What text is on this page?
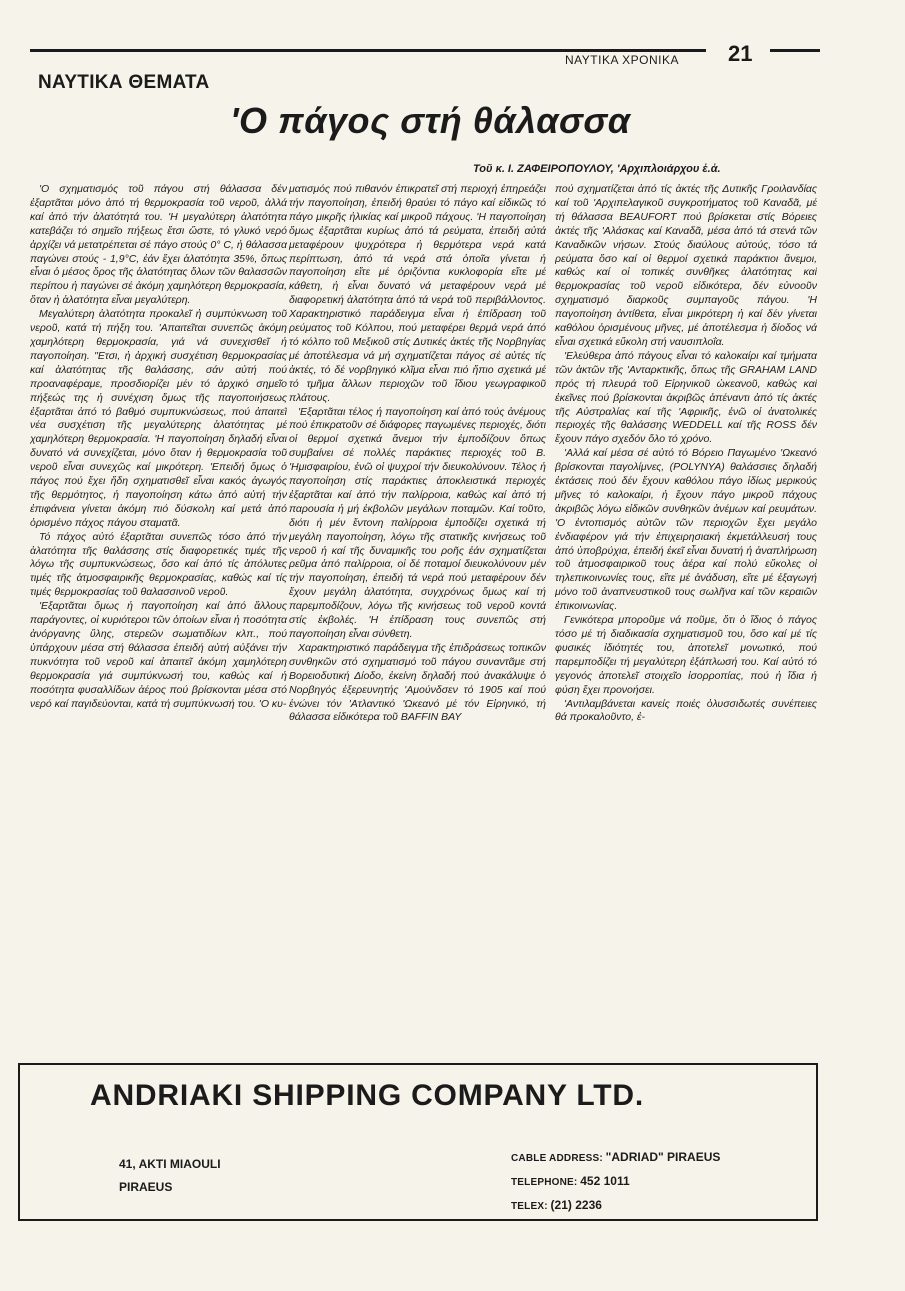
ΝΑΥΤΙΚΑ ΧΡΟΝΙΚΑ 21
ΝΑΥΤΙΚΑ ΘΕΜΑΤΑ
'Ο πάγος στή θάλασσα
Τοῦ κ. Ι. ΖΑΦΕΙΡΟΠΟΥΛΟΥ, 'Αρχιπλοιάρχου ἐ.ἀ.

'Ο σχηματισμός τοῦ πάγου στή θάλασσα δέν ἐξαρτᾶται μόνο ἀπό τή θερμοκρασία τοῦ νεροῦ, ἀλλά καί ἀπό τήν ἁλατότητά του. 'Η μεγαλύτερη ἁλατότητα κατεβάζει τό σημεῖο πήξεως ἔτσι ὥστε, τό γλυκό νερό ἀρχίζει νά μετατρέπεται σέ πάγο στούς 0° C, ἡ θάλασσα παγώνει στούς - 1,9°C, ἐάν ἔχει ἁλατότητα 35%, ὅπως εἶναι ὁ μέσος ὅρος τῆς ἁλατότητας ὅλων τῶν θαλασσῶν περίπου ἡ παγώνει σέ ἀκόμη χαμηλότερη θερμοκρασία, ὅταν ἡ ἁλατότητα εἶναι μεγαλύτερη.

Μεγαλύτερη ἁλατότητα προκαλεῖ ἡ συμπύκνωση τοῦ νεροῦ, κατά τή πήξη του. 'Απαιτεῖται συνεπῶς ἀκόμη χαμηλότερη θερμοκρασία, γιά νά συνεχισθεῖ ἡ παγοποίηση. "Ετσι, ἡ ἀρχική συσχέτιση θερμοκρασίας καί ἁλατότητας τῆς θαλάσσης, σάν αὐτή πού προαναφέραμε, προσδιορίζει μέν τό ἀρχικό σημεῖο πήξεώς της ἡ συνέχιση ὅμως τῆς παγοποιήσεως ἐξαρτᾶται ἀπό τό βαθμό συμπυκνώσεως, πού ἀπαιτεῖ νέα συσχέτιση τῆς μεγαλύτερης ἁλατότητας μέ χαμηλότερη θερμοκρασία. 'Η παγοποίηση δηλαδή εἶναι δυνατό νά συνεχίζεται, μόνο ὅταν ἡ θερμοκρασία τοῦ νεροῦ εἶναι συνεχῶς καί μικρότερη. 'Επειδή ὅμως ὁ πάγος πού ἔχει ἤδη σχηματισθεῖ εἶναι κακός ἀγωγός τῆς θερμότητος, ἡ παγοποίηση κάτω ἀπό αὐτή τήν ἐπιφάνεια γίνεται ἀκόμη πιό δύσκολη καί μετά ἀπό ὁρισμένο πάχος πάγου σταματᾶ.

Τό πάχος αὐτό ἐξαρτᾶται συνεπῶς τόσο ἀπό τήν ἁλατότητα τῆς θαλάσσης στίς διαφορετικές τιμές τῆς λόγω τῆς συμπυκνώσεως, ὅσο καί ἀπό τίς ἀπόλυτες τιμές τῆς ἀτμοσφαιρικῆς θερμοκρασίας, καθώς καί τίς τιμές θερμοκρασίας τοῦ θαλασσινοῦ νεροῦ.

'Εξαρτᾶται ὅμως ἡ παγοποίηση καί ἀπό ἄλλους παράγοντες, οἱ κυριότεροι τῶν ὁποίων εἶναι ἡ ποσότητα ἀνόργανης ὕλης, στερεῶν σωματιδίων κλπ., πού ὑπάρχουν μέσα στή θάλασσα ἐπειδή αὐτή αὐξάνει τήν πυκνότητα τοῦ νεροῦ καί ἀπαιτεῖ ἀκόμη χαμηλότερη θερμοκρασία γιά συμπύκνωσή του, καθώς καί ἡ ποσότητα φυσαλλίδων ἀέρος πού βρίσκονται μέσα στό νερό καί παγιδεύονται, κατά τή συμπύκνωσή του. 'Ο κυ-

ματισμός πού πιθανόν ἐπικρατεῖ στή περιοχή ἐπηρεάζει τήν παγοποίηση, ἐπειδή θραύει τό πάγο καί εἰδικῶς τό πάγο μικρῆς ἡλικίας καί μικροῦ πάχους. 'Η παγοποίηση ὅμως ἐξαρτᾶται κυρίως ἀπό τά ρεύματα, ἐπειδή αὐτά μεταφέρουν ψυχρότερα ἡ θερμότερα νερά κατά περίπτωση, ἀπό τά νερά στά ὁποῖα γίνεται ἡ παγοποίηση εἴτε μέ ὁριζόντια κυκλοφορία εἴτε μέ κάθετη, ἡ εἶναι δυνατό νά μεταφέρουν νερά μέ διαφορετική ἁλατότητα ἀπό τά νερά τοῦ περιβάλλοντος. Χαρακτηριστικό παράδειγμα εἶναι ἡ ἐπίδραση τοῦ ρεύματος τοῦ Κόλπου, πού μεταφέρει θερμά νερά ἀπό τό κόλπο τοῦ Μεξικοῦ στίς Δυτικές ἀκτές τῆς Νορβηγίας μέ ἀποτέλεσμα νά μή σχηματίζεται πάγος σέ αὐτές τίς ἀκτές, τό δέ νορβηγικό κλῖμα εἶναι πιό ἤπιο σχετικά μέ τό τμῆμα ἄλλων περιοχῶν τοῦ ἴδιου γεωγραφικοῦ πλάτους.

'Εξαρτᾶται τέλος ἡ παγοποίηση καί ἀπό τούς ἀνέμους πού ἐπικρατοῦν σέ διάφορες παγωμένες περιοχές, διότι οἱ θερμοί σχετικά ἄνεμοι τήν ἐμποδίζουν ὅπως συμβαίνει σέ πολλές παράκτιες περιοχές τοῦ Β. 'Ημισφαιρίου, ἐνῶ οἱ ψυχροί τήν διευκολύνουν. Τέλος ἡ παγοποίηση στίς παράκτιες ἀποκλειστικά περιοχές ἐξαρτᾶται καί ἀπό τήν παλίρροια, καθώς καί ἀπό τή παρουσία ἡ μή ἐκβολῶν μεγάλων ποταμῶν. Καί τοῦτο, διότι ἡ μέν ἔντονη παλίρροια ἐμποδίζει σχετικά τή μεγάλη παγοποίηση, λόγω τῆς στατικῆς κινήσεως τοῦ νεροῦ ἡ καί τῆς δυναμικῆς του ροῆς ἐάν σχηματίζεται ρεῦμα ἀπό παλίρροια, οἱ δέ ποταμοί διευκολύνουν μέν τήν παγοποίηση, ἐπειδή τά νερά πού μεταφέρουν δέν ἔχουν μεγάλη ἁλατότητα, συγχρόνως ὅμως καί τή παρεμποδίζουν, λόγω τῆς κινήσεως τοῦ νεροῦ κοντά στίς ἐκβολές. 'Η ἐπίδραση τους συνεπῶς στή παγοποίηση εἶναι σύνθετη.

Χαρακτηριστικό παράδειγμα τῆς ἐπιδράσεως τοπικῶν συνθηκῶν στό σχηματισμό τοῦ πάγου συναντᾶμε στή Βορειοδυτική Δίοδο, ἐκείνη δηλαδή πού ἀνακάλυψε ὁ Νορβηγός ἐξερευνητής 'Αμούνδσεν τό 1905 καί πού ἑνώνει τόν 'Ατλαντικό 'Ωκεανό μέ τόν Εἰρηνικό, τή θάλασσα εἰδικότερα τοῦ BAFFIN BAY

πού σχηματίζεται ἀπό τίς ἀκτές τῆς Δυτικῆς Γροιλανδίας καί τοῦ 'Αρχιπελαγικοῦ συγκροτήματος τοῦ Καναδᾶ, μέ τή θάλασσα BEAUFORT πού βρίσκεται στίς Βόρειες ἀκτές τῆς 'Αλάσκας καί Καναδᾶ, μέσα ἀπό τά στενά τῶν Καναδικῶν νήσων. Στούς διαύλους αὐτούς, τόσο τά ρεύματα ὅσο καί οἱ θερμοί σχετικά παράκτιοι ἄνεμοι, καθώς καί οἱ τοπικές συνθῆκες ἁλατότητας καί θερμοκρασίας τοῦ νεροῦ εἰδικότερα, δέν εὐνοοῦν σχηματισμό διαρκοῦς συμπαγοῦς πάγου. 'Η παγοποίηση ἀντίθετα, εἶναι μικρότερη ἡ καί δέν γίνεται καθόλου ὁρισμένους μῆνες, μέ ἀποτέλεσμα ἡ δίοδος νά εἶναι σχετικά εὔκολη στή ναυσιπλοΐα.

'Ελεύθερα ἀπό πάγους εἶναι τό καλοκαίρι καί τμήματα τῶν ἀκτῶν τῆς 'Ανταρκτικῆς, ὅπως τῆς GRAHAM LAND πρός τή πλευρά τοῦ Εἰρηνικοῦ ὠκεανοῦ, καθώς καί ἐκεῖνες πού βρίσκονται ἀκριβῶς ἀπέναντι ἀπό τίς ἀκτές τῆς Αὐστραλίας καί τῆς 'Αφρικῆς, ἐνῶ οἱ ἀνατολικές περιοχές τῆς θαλάσσης WEDDELL καί τῆς ROSS δέν ἔχουν πάγο σχεδόν ὅλο τό χρόνο.

'Αλλά καί μέσα σέ αὐτό τό Βόρειο Παγωμένο 'Ωκεανό βρίσκονται παγολίμνες, (POLYNYA) θαλάσσιες δηλαδή ἐκτάσεις πού δέν ἔχουν καθόλου πάγο ἰδίως μερικούς μῆνες τό καλοκαίρι, ἡ ἔχουν πάγο μικροῦ πάχους ἀκριβῶς λόγω εἰδικῶν συνθηκῶν ἀνέμων καί ρευμάτων. 'Ο ἐντοπισμός αὐτῶν τῶν περιοχῶν ἔχει μεγάλο ἐνδιαφέρον γιά τήν ἐπιχειρησιακή ἐκμετάλλευσή τους ἀπό ὑποβρύχια, ἐπειδή ἐκεῖ εἶναι δυνατή ἡ ἀναπλήρωση τοῦ ἀτμοσφαιρικοῦ τους ἀέρα καί πολύ εὔκολες οἱ τηλεπικοινωνίες τους, εἴτε μέ ἀνάδυση, εἴτε μέ ἐξαγωγή μόνο τοῦ ἀναπνευστικοῦ τους σωλῆνα καί τῶν κεραιῶν ἐπικοινωνίας.

Γενικότερα μποροῦμε νά ποῦμε, ὅτι ὁ ἴδιος ὁ πάγος τόσο μέ τή διαδικασία σχηματισμοῦ του, ὅσο καί μέ τίς φυσικές ἰδιότητές του, ἀποτελεῖ μονωτικό, πού παρεμποδίζει τή μεγαλύτερη ἐξάπλωσή του. Καί αὐτό τό γεγονός ἀποτελεῖ στοιχεῖο ἰσορροπίας, πού ἡ ἴδια ἡ φύση ἔχει προνοήσει.

'Αντιλαμβάνεται κανείς ποιές ὀλυσσιδωτές συνέπειες θά προκαλοῦντο, ἐ-

ANDRIAKI SHIPPING COMPANY LTD.
41, AKTI MIAOULI
PIRAEUS
CABLE ADDRESS: "ADRIAD" PIRAEUS
TELEPHONE: 452 1011
TELEX: (21) 2236
